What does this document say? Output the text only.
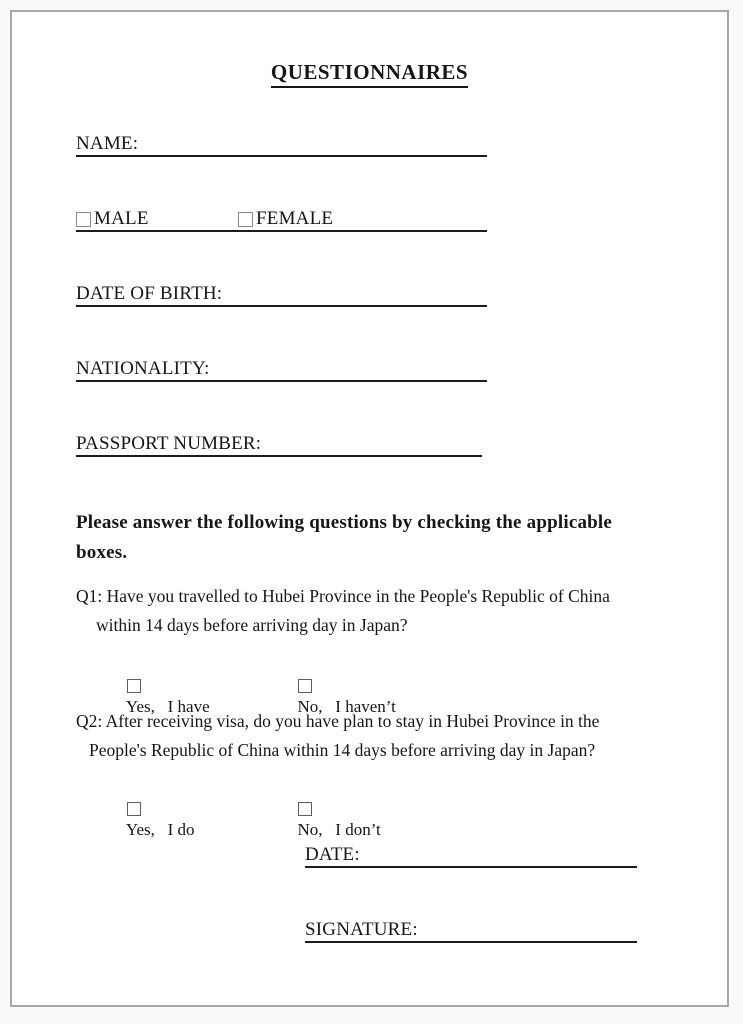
QUESTIONNAIRES
NAME:
MALE	FEMALE
DATE OF BIRTH:
NATIONALITY:
PASSPORT NUMBER:
Please answer the following questions by checking the applicable
boxes.
Q1: Have you travelled to Hubei Province in the People's Republic of China
within 14 days before arriving day in Japan?

Yes,   I have

	No,   I haven’t

Q2: After receiving visa, do you have plan to stay in Hubei Province in the
People's Republic of China within 14 days before arriving day in Japan?

Yes,   I do

	No,   I don’t

DATE:
SIGNATURE:
